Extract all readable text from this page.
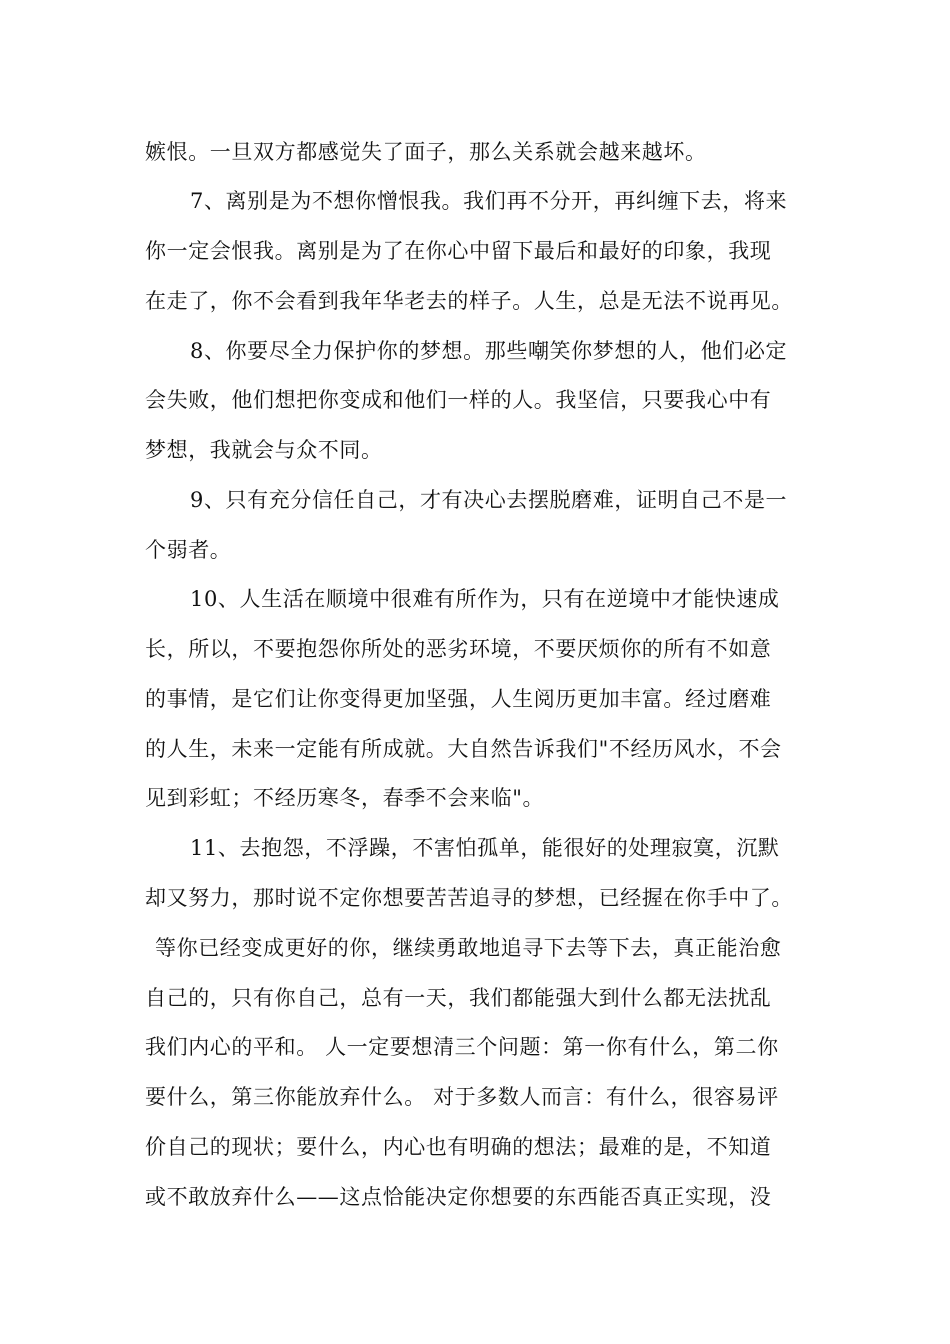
嫉恨。一旦双方都感觉失了面子，那么关系就会越来越坏。
7、离别是为不想你憎恨我。我们再不分开，再纠缠下去，将来
你一定会恨我。离别是为了在你心中留下最后和最好的印象，我现
在走了，你不会看到我年华老去的样子。人生，总是无法不说再见。
8、你要尽全力保护你的梦想。那些嘲笑你梦想的人，他们必定
会失败，他们想把你变成和他们一样的人。我坚信，只要我心中有
梦想，我就会与众不同。
9、只有充分信任自己，才有决心去摆脱磨难，证明自己不是一
个弱者。
10、人生活在顺境中很难有所作为，只有在逆境中才能快速成
长，所以，不要抱怨你所处的恶劣环境，不要厌烦你的所有不如意
的事情，是它们让你变得更加坚强，人生阅历更加丰富。经过磨难
的人生，未来一定能有所成就。大自然告诉我们"不经历风水，不会
见到彩虹；不经历寒冬，春季不会来临"。
11、去抱怨，不浮躁，不害怕孤单，能很好的处理寂寞，沉默
却又努力，那时说不定你想要苦苦追寻的梦想，已经握在你手中了。
等你已经变成更好的你，继续勇敢地追寻下去等下去，真正能治愈
自己的，只有你自己，总有一天，我们都能强大到什么都无法扰乱
我们内心的平和。 人一定要想清三个问题：第一你有什么，第二你
要什么，第三你能放弃什么。 对于多数人而言：有什么，很容易评
价自己的现状；要什么，内心也有明确的想法；最难的是，不知道
或不敢放弃什么——这点恰能决定你想要的东西能否真正实现，没
